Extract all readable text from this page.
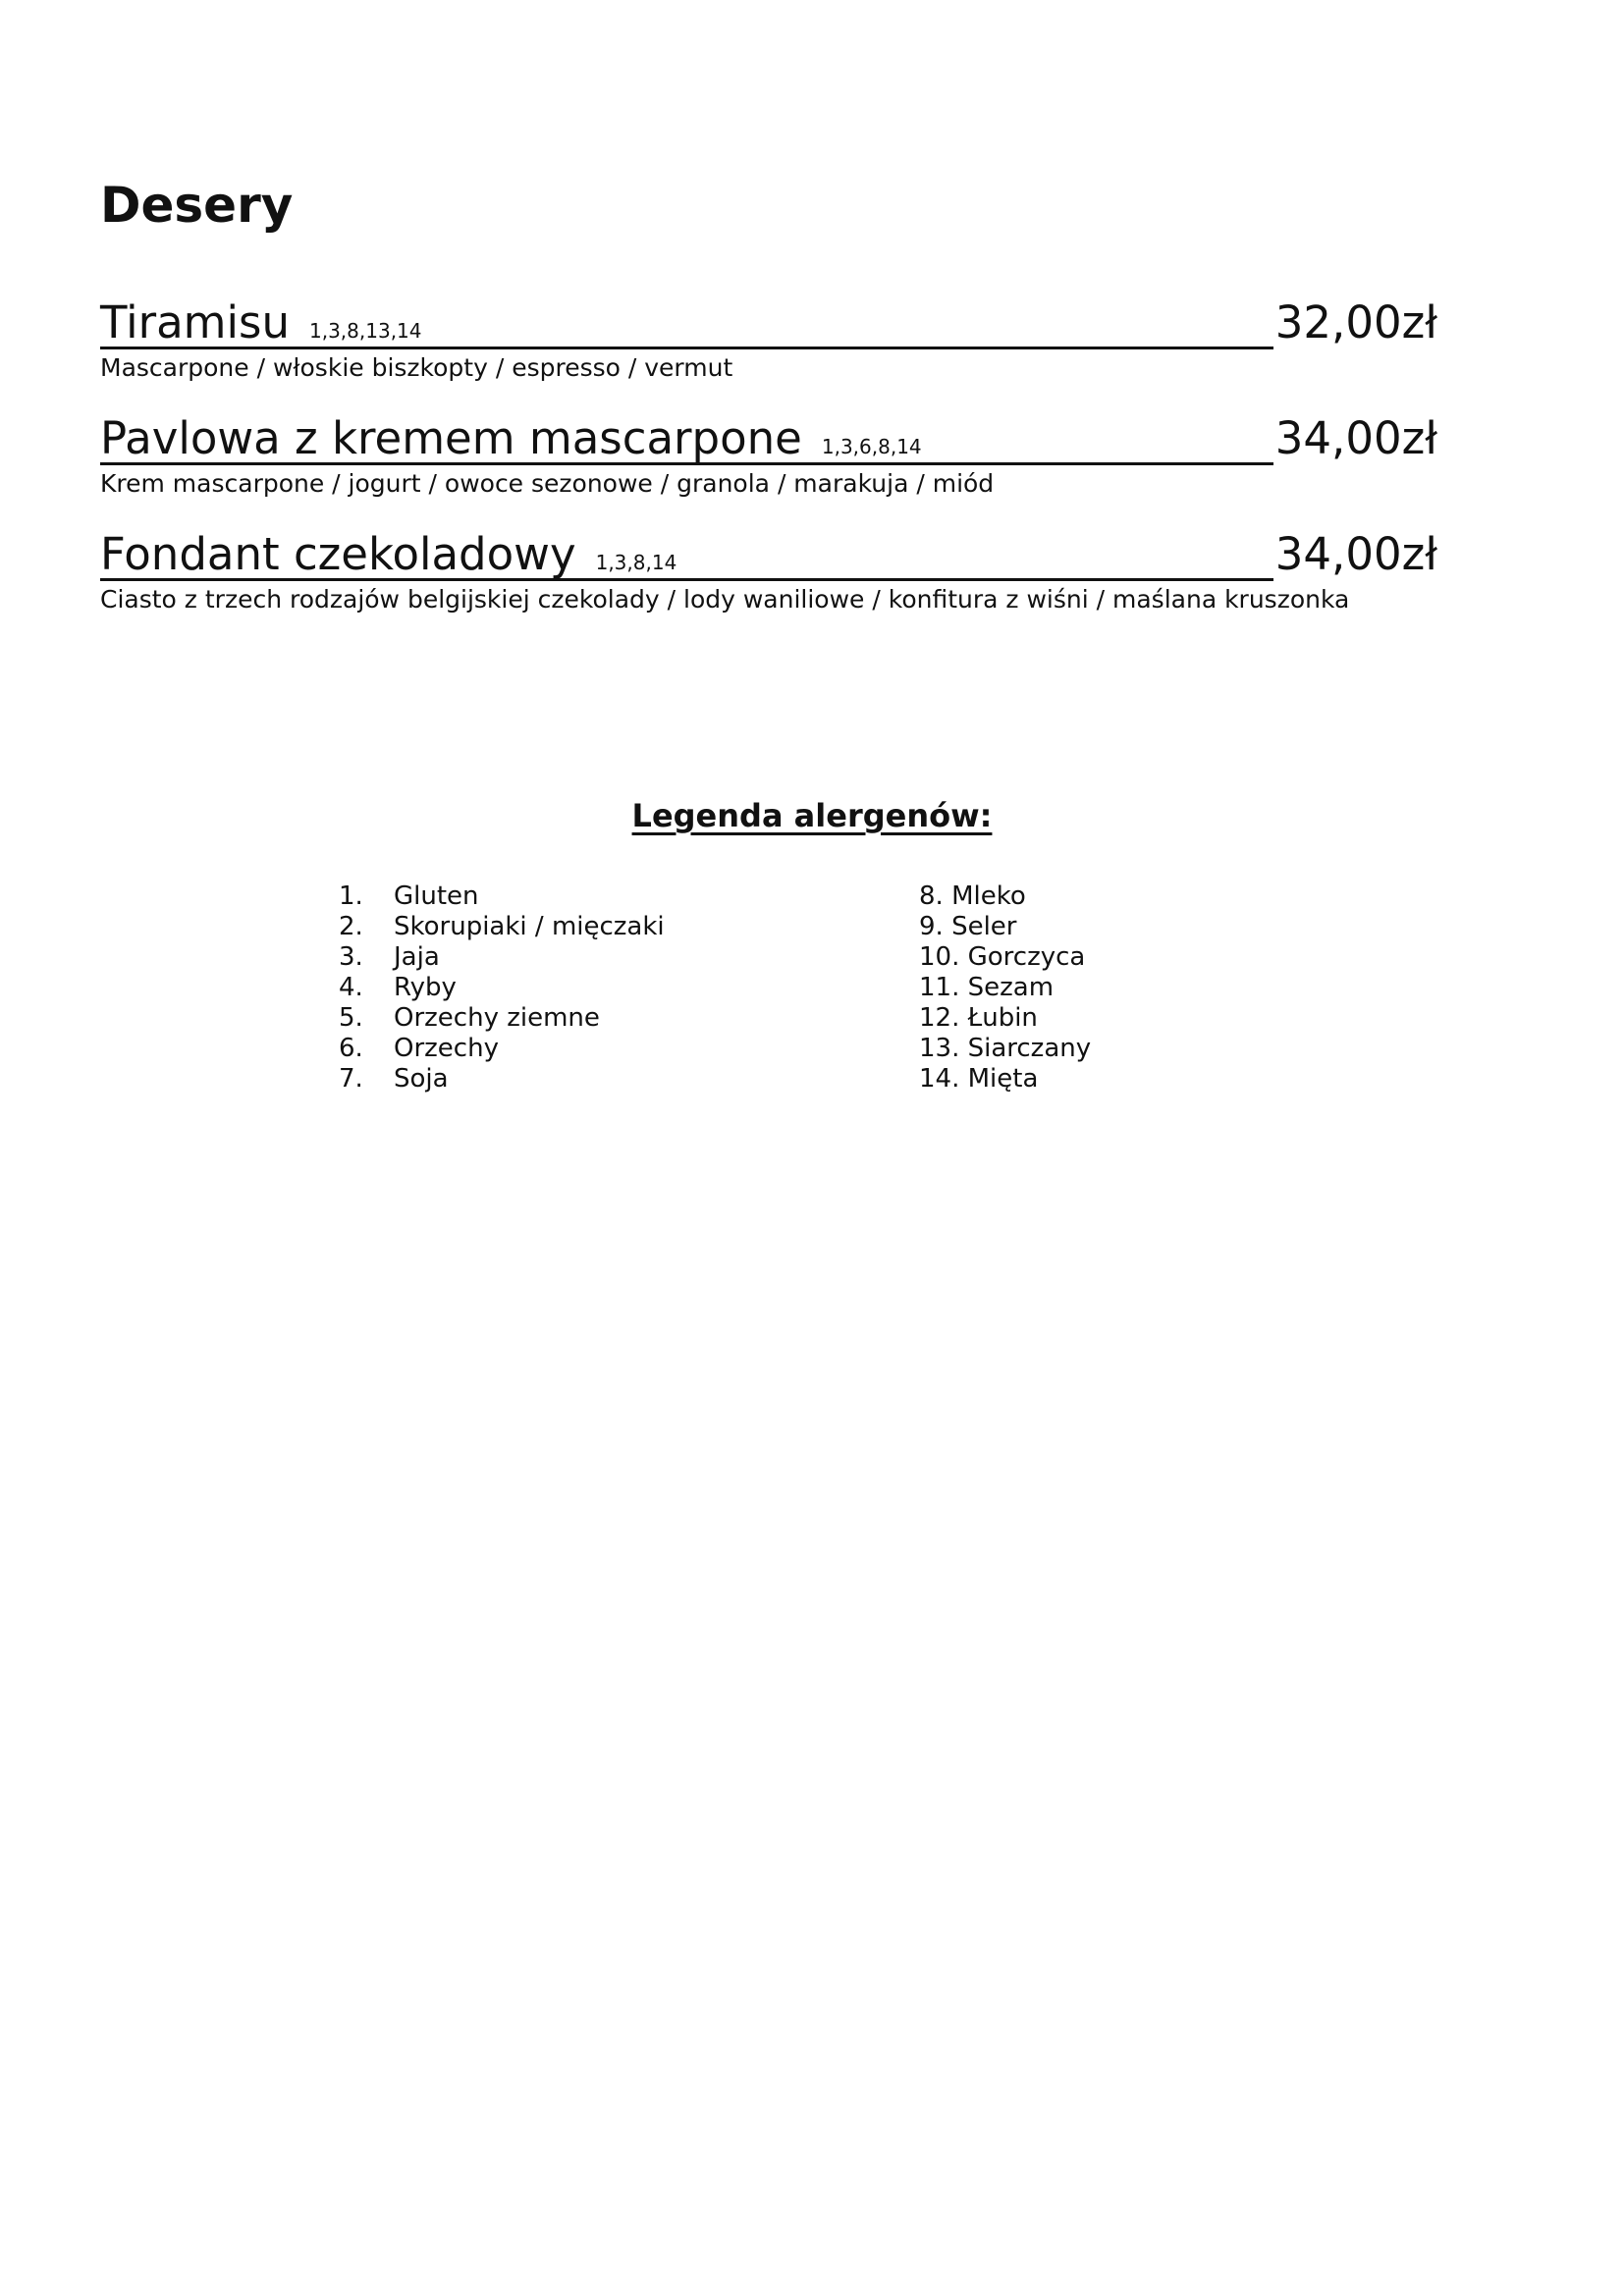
Desery
Tiramisu	1,3,8,13,14	32,00zł
Mascarpone / włoskie biszkopty / espresso / vermut
Pavlowa z kremem mascarpone	1,3,6,8,14	34,00zł
Krem mascarpone / jogurt / owoce sezonowe / granola / marakuja / miód
Fondant czekoladowy	1,3,8,14	34,00zł
Ciasto z trzech rodzajów belgijskiej czekolady / lody waniliowe / konfitura z wiśni / maślana kruszonka
Legenda alergenów:
1. Gluten
2. Skorupiaki / mięczaki
3. Jaja
4. Ryby
5. Orzechy ziemne
6. Orzechy
7. Soja
8. Mleko
9. Seler
10. Gorczyca
11. Sezam
12. Łubin
13. Siarczany
14. Mięta
